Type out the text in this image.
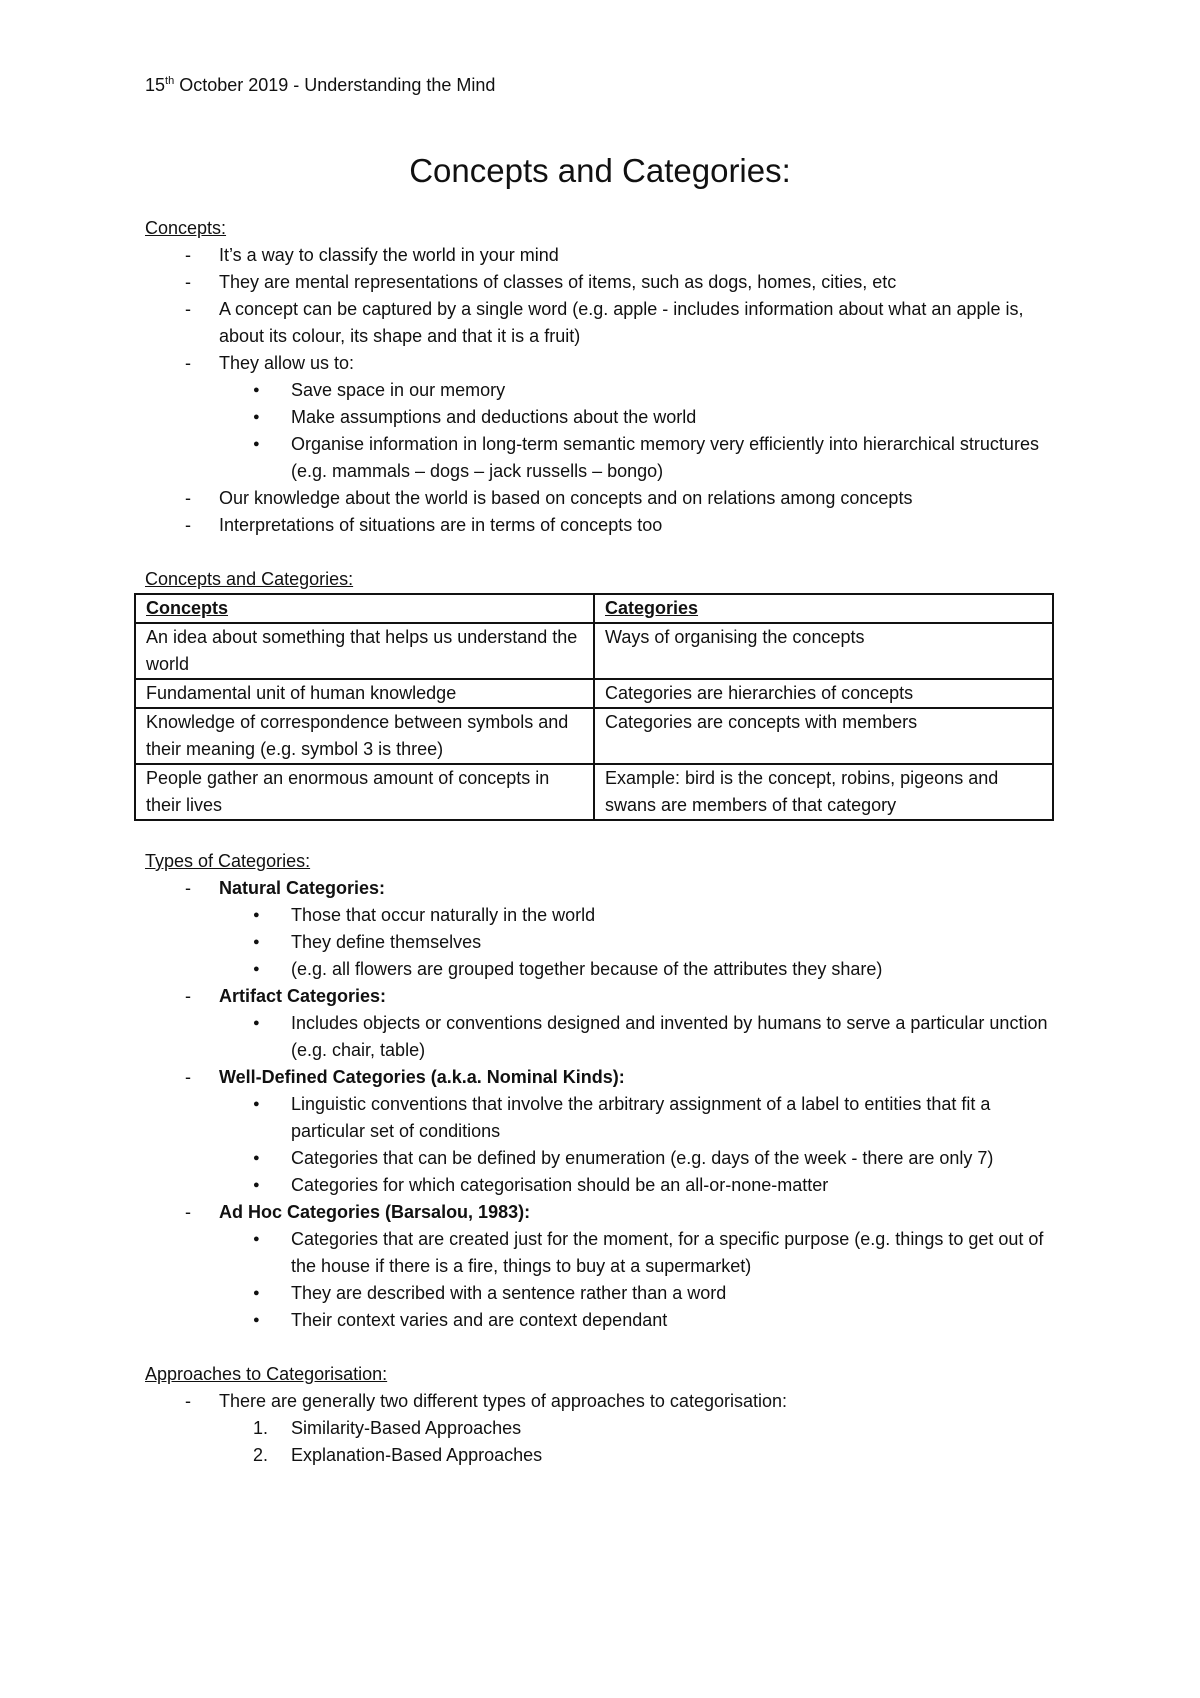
15th October 2019 - Understanding the Mind

Concepts and Categories:

Concepts:

- It’s a way to classify the world in your mind
- They are mental representations of classes of items, such as dogs, homes, cities, etc
- A concept can be captured by a single word (e.g. apple - includes information about what an apple is, about its colour, its shape and that it is a fruit)
- They allow us to:
● Save space in our memory
● Make assumptions and deductions about the world
● Organise information in long-term semantic memory very efficiently into hierarchical structures (e.g. mammals – dogs – jack russells – bongo)
- Our knowledge about the world is based on concepts and on relations among concepts
- Interpretations of situations are in terms of concepts too

Concepts and Categories:

Concepts	Categories
An idea about something that helps us understand the world	Ways of organising the concepts
Fundamental unit of human knowledge	Categories are hierarchies of concepts
Knowledge of correspondence between symbols and their meaning (e.g. symbol 3 is three)	Categories are concepts with members
People gather an enormous amount of concepts in their lives	Example: bird is the concept, robins, pigeons and swans are members of that category

Types of Categories:

- Natural Categories:
● Those that occur naturally in the world
● They define themselves
● (e.g. all flowers are grouped together because of the attributes they share)
- Artifact Categories:
● Includes objects or conventions designed and invented by humans to serve a particular unction (e.g. chair, table)
- Well-Defined Categories (a.k.a. Nominal Kinds):
● Linguistic conventions that involve the arbitrary assignment of a label to entities that fit a particular set of conditions
● Categories that can be defined by enumeration (e.g. days of the week - there are only 7)
● Categories for which categorisation should be an all-or-none-matter
- Ad Hoc Categories (Barsalou, 1983):
● Categories that are created just for the moment, for a specific purpose (e.g. things to get out of the house if there is a fire, things to buy at a supermarket)
● They are described with a sentence rather than a word
● Their context varies and are context dependant

Approaches to Categorisation:

- There are generally two different types of approaches to categorisation:
1. Similarity-Based Approaches
2. Explanation-Based Approaches
